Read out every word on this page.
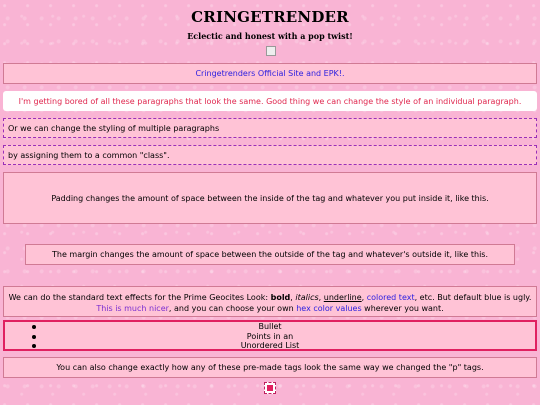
CRINGETRENDER
Eclectic and honest with a pop twist!
Cringetrenders Official Site and EPK!.
I'm getting bored of all these paragraphs that look the same. Good thing we can change the style of an individual paragraph.
Or we can change the styling of multiple paragraphs
by assigning them to a common "class".
Padding changes the amount of space between the inside of the tag and whatever you put inside it, like this.
The margin changes the amount of space between the outside of the tag and whatever's outside it, like this.
We can do the standard text effects for the Prime Geocites Look: bold, italics, underline, colored text, etc. But default blue is ugly. This is much nicer, and you can choose your own hex color values wherever you want.
Bullet
Points in an
Unordered List
You can also change exactly how any of these pre-made tags look the same way we changed the "p" tags.
